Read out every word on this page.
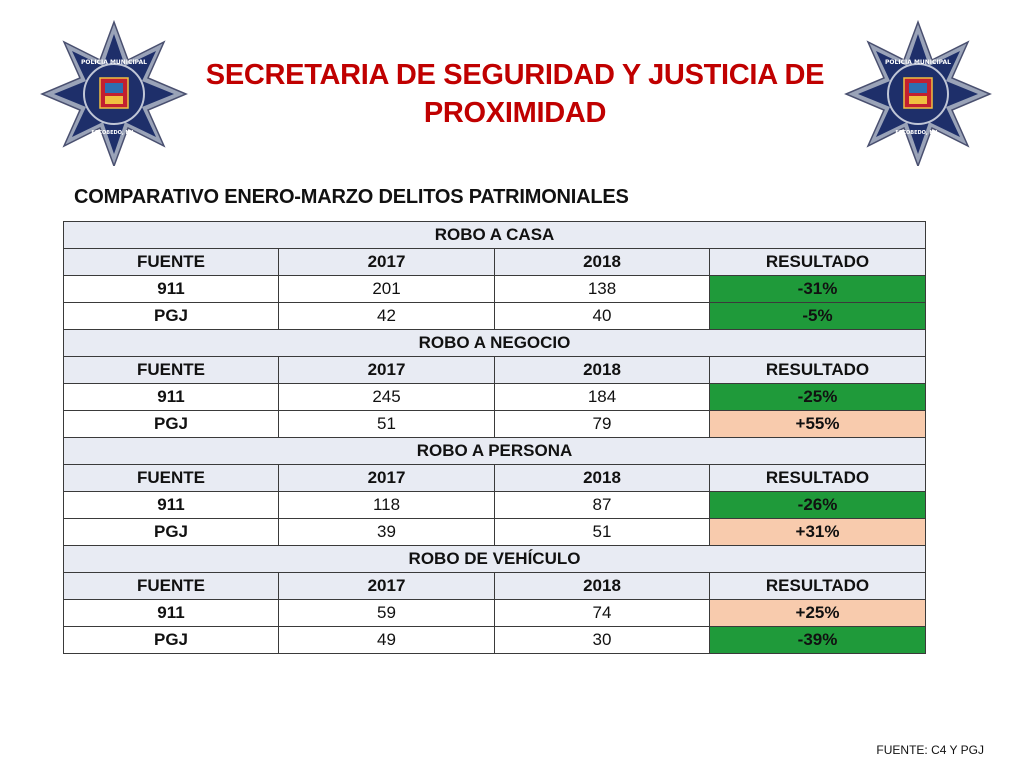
POLICIA MUNICIPAL
ESCOBEDO, N.L.
POLICIA MUNICIPAL
ESCOBEDO, N.L.
SECRETARIA DE SEGURIDAD Y JUSTICIA DE
PROXIMIDAD
COMPARATIVO ENERO-MARZO DELITOS PATRIMONIALES
ROBO A CASA			
FUENTE	2017	2018	RESULTADO
911	201	138	-31%
PGJ	42	40	-5%
ROBO A NEGOCIO			
FUENTE	2017	2018	RESULTADO
911	245	184	-25%
PGJ	51	79	+55%
ROBO A PERSONA			
FUENTE	2017	2018	RESULTADO
911	118	87	-26%
PGJ	39	51	+31%
ROBO DE VEHÍCULO			
FUENTE	2017	2018	RESULTADO
911	59	74	+25%
PGJ	49	30	-39%
FUENTE: C4 Y PGJ
